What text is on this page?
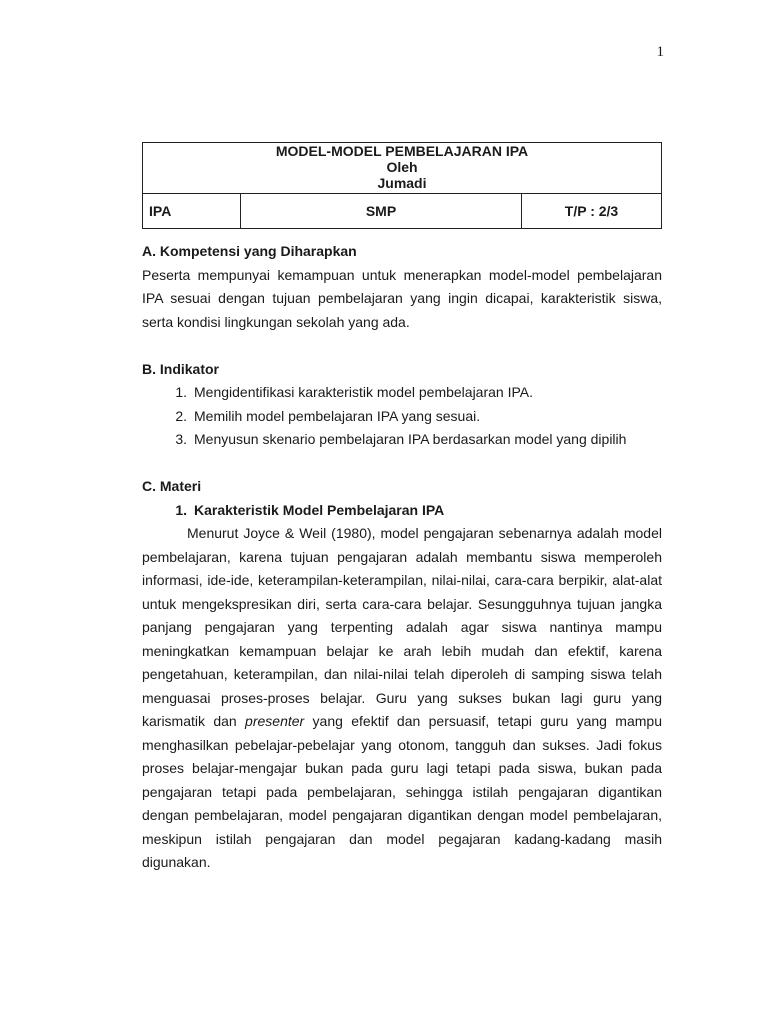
1
MODEL-MODEL PEMBELAJARAN IPA
Oleh
Jumadi
IPA	SMP	T/P : 2/3

A. Kompetensi yang Diharapkan

Peserta mempunyai kemampuan untuk menerapkan model-model pembelajaran IPA sesuai dengan tujuan pembelajaran yang ingin dicapai, karakteristik siswa, serta kondisi lingkungan sekolah yang ada.

B. Indikator

1. Mengidentifikasi karakteristik model pembelajaran IPA.
2. Memilih model pembelajaran IPA yang sesuai.
3. Menyusun skenario pembelajaran IPA berdasarkan model yang dipilih

C. Materi

1. Karakteristik Model Pembelajaran IPA

Menurut Joyce & Weil (1980), model pengajaran sebenarnya adalah model pembelajaran, karena tujuan pengajaran adalah membantu siswa memperoleh informasi, ide-ide, keterampilan-keterampilan, nilai-nilai, cara-cara berpikir, alat-alat untuk mengekspresikan diri, serta cara-cara belajar. Sesungguhnya tujuan jangka panjang pengajaran yang terpenting adalah agar siswa nantinya mampu meningkatkan kemampuan belajar ke arah lebih mudah dan efektif, karena pengetahuan, keterampilan, dan nilai-nilai telah diperoleh di samping siswa telah menguasai proses-proses belajar. Guru yang sukses bukan lagi guru yang karismatik dan presenter yang efektif dan persuasif, tetapi guru yang mampu menghasilkan pebelajar-pebelajar yang otonom, tangguh dan sukses. Jadi fokus proses belajar-mengajar bukan pada guru lagi tetapi pada siswa, bukan pada pengajaran tetapi pada pembelajaran, sehingga istilah pengajaran digantikan dengan pembelajaran, model pengajaran digantikan dengan model pembelajaran, meskipun istilah pengajaran dan model pegajaran kadang-kadang masih digunakan.
